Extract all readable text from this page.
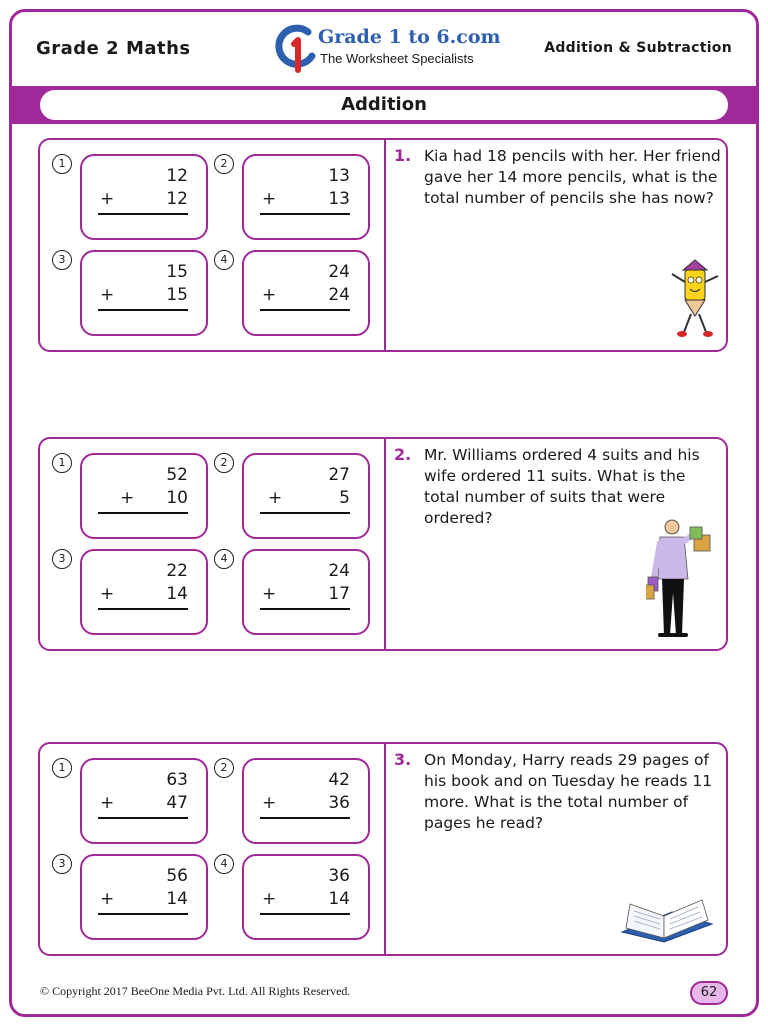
Grade 2 Maths
Grade 1 to 6.com
The Worksheet Specialists
Addition & Subtraction
Addition
1
12
+	12
2
13
+	13
3
15
+	15
4
24
+	24
1. Kia had 18 pencils with her. Her friend gave her 14 more pencils, what is the total number of pencils she has now?
1
52
+ 10
2
27
+	5
3
22
+	14
4
24
+	17
2. Mr. Williams ordered 4 suits and his wife ordered 11 suits. What is the total number of suits that were ordered?
1
63
+	47
2
42
+	36
3
56
+	14
4
36
+	14
3. On Monday, Harry reads 29 pages of his book and on Tuesday he reads 11 more. What is the total number of pages he read?
© Copyright 2017 BeeOne Media Pvt. Ltd. All Rights Reserved.	62
